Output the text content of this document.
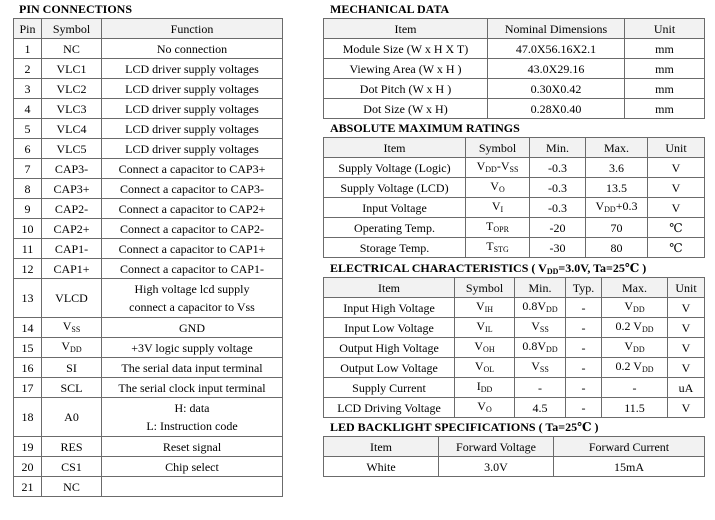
PIN CONNECTIONS
Pin	Symbol	Function
1	NC	No connection
2	VLC1	LCD driver supply voltages
3	VLC2	LCD driver supply voltages
4	VLC3	LCD driver supply voltages
5	VLC4	LCD driver supply voltages
6	VLC5	LCD driver supply voltages
7	CAP3-	Connect a capacitor to CAP3+
8	CAP3+	Connect a capacitor to CAP3-
9	CAP2-	Connect a capacitor to CAP2+
10	CAP2+	Connect a capacitor to CAP2-
11	CAP1-	Connect a capacitor to CAP1+
12	CAP1+	Connect a capacitor to CAP1-
13	VLCD	High voltage lcd supply
connect a capacitor to Vss

14	$V_{SS}$	GND
15	$V_{DD}$	+3V logic supply voltage
16	SI	The serial data input terminal
17	SCL	The serial clock input terminal
18	A0	H: data
L: Instruction code

19	RES	Reset signal
20	CS1	Chip select
21	NC	
MECHANICAL DATA
Item	Nominal Dimensions	Unit
Module Size (W x H X T)	47.0X56.16X2.1	mm
Viewing Area (W x H )	43.0X29.16	mm
Dot Pitch (W x H )	0.30X0.42	mm
Dot Size (W x H)	0.28X0.40	mm
ABSOLUTE MAXIMUM RATINGS
Item	Symbol	Min.	Max.	Unit
Supply Voltage (Logic)	$V_{DD}-V_{SS}$	-0.3	3.6	V
Supply Voltage (LCD)	$V_O$	-0.3	13.5	V
Input Voltage	$V_I$	-0.3	$V_{DD}+0.3$	V
Operating Temp.	$T_{OPR}$	-20	70	℃
Storage Temp.	$T_{STG}$	-30	80	℃
ELECTRICAL CHARACTERISTICS ( $V_{DD}=3.0V$, Ta=25℃ )
Item	Symbol	Min.	Typ.	Max.	Unit
Input High Voltage	$V_{IH}$	$0.8V_{DD}$	-	$V_{DD}$	V
Input Low Voltage	$V_{IL}$	$V_{SS}$	-	0.2 $V_{DD}$	V
Output High Voltage	$V_{OH}$	$0.8V_{DD}$	-	$V_{DD}$	V
Output Low Voltage	$V_{OL}$	$V_{SS}$	-	0.2 $V_{DD}$	V
Supply Current	$I_{DD}$	-	-	-	uA
LCD Driving Voltage	$V_O$	4.5	-	11.5	V
LED BACKLIGHT SPECIFICATIONS ( Ta=25℃ )
Item	Forward Voltage	Forward Current
White	3.0V	15mA
